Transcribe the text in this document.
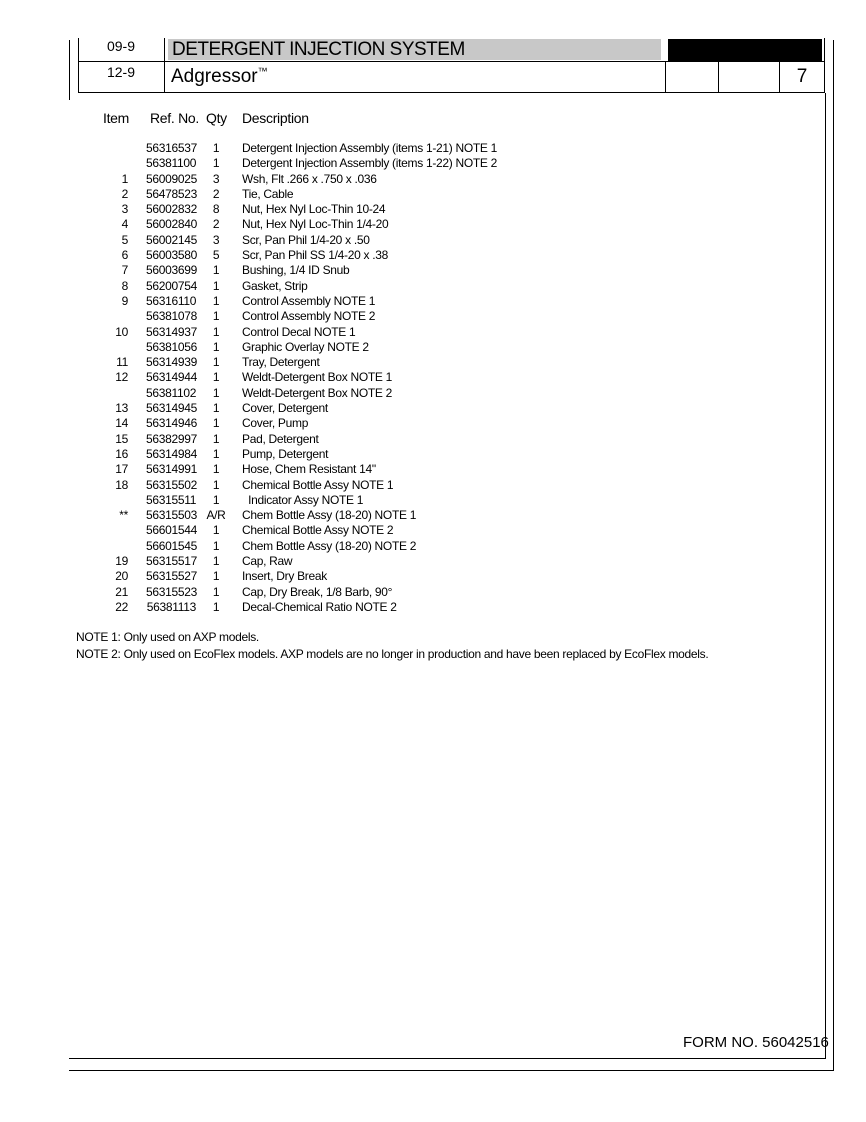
09-9
12-9
DETERGENT INJECTION SYSTEM
Adgressor™	7
Item Ref. No. Qty Description
56316537	1	Detergent Injection Assembly (items 1-21) NOTE 1
56381100	1	Detergent Injection Assembly (items 1-22) NOTE 2
1 56009025	3	Wsh, Flt .266 x .750 x .036
2 56478523	2	Tie, Cable
3 56002832	8	Nut, Hex Nyl Loc-Thin 10-24
4 56002840	2	Nut, Hex Nyl Loc-Thin 1/4-20
5 56002145	3	Scr, Pan Phil 1/4-20 x .50
6 56003580	5	Scr, Pan Phil SS 1/4-20 x .38
7 56003699	1	Bushing, 1/4 ID Snub
8 56200754	1	Gasket, Strip
9 56316110	1	Control Assembly NOTE 1
56381078	1	Control Assembly NOTE 2
10 56314937	1	Control Decal NOTE 1
56381056	1	Graphic Overlay NOTE 2
11 56314939	1	Tray, Detergent
12 56314944	1	Weldt-Detergent Box NOTE 1
56381102	1	Weldt-Detergent Box NOTE 2
13 56314945	1	Cover, Detergent
14 56314946	1	Cover, Pump
15 56382997	1	Pad, Detergent
16 56314984	1	Pump, Detergent
17 56314991	1	Hose, Chem Resistant 14"
18 56315502	1	Chemical Bottle Assy NOTE 1
56315511	1	Indicator Assy NOTE 1
** 56315503 A/R Chem Bottle Assy (18-20) NOTE 1
56601544	1	Chemical Bottle Assy NOTE 2
56601545	1	Chem Bottle Assy (18-20) NOTE 2
19 56315517	1	Cap, Raw
20 56315527	1	Insert, Dry Break
21 56315523	1	Cap, Dry Break, 1/8 Barb, 90°
22 56381113	1	Decal-Chemical Ratio NOTE 2
NOTE 1: Only used on AXP models.
NOTE 2: Only used on EcoFlex models. AXP models are no longer in production and have been replaced by EcoFlex models.
FORM NO. 56042516
